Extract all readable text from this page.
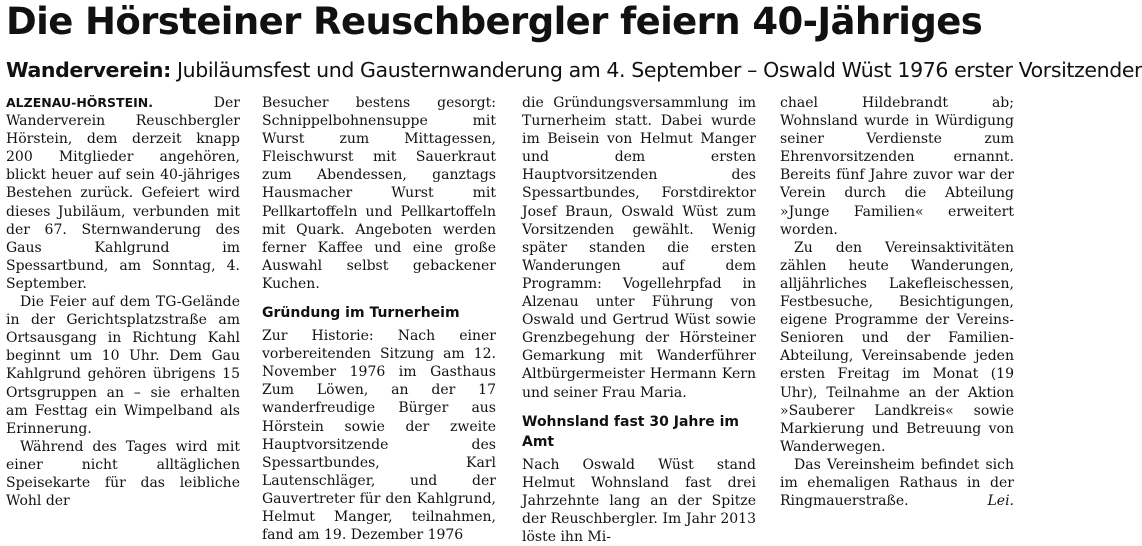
Die Hörsteiner Reuschbergler feiern 40-Jähriges
Wanderverein: Jubiläumsfest und Gausternwanderung am 4. September – Oswald Wüst 1976 erster Vorsitzender

ALZENAU-HÖRSTEIN. Der Wanderverein Reuschbergler Hörstein, dem derzeit knapp 200 Mitglieder angehören, blickt heuer auf sein 40-jähriges Bestehen zurück. Gefeiert wird dieses Jubiläum, verbunden mit der 67. Sternwanderung des Gaus Kahlgrund im Spessartbund, am Sonntag, 4. September.

Die Feier auf dem TG-Gelände in der Gerichtsplatzstraße am Ortsausgang in Richtung Kahl beginnt um 10 Uhr. Dem Gau Kahlgrund gehören übrigens 15 Ortsgruppen an – sie erhalten am Festtag ein Wimpelband als Erinnerung.

Während des Tages wird mit einer nicht alltäglichen Speisekarte für das leibliche Wohl der

Besucher bestens gesorgt: Schnippelbohnensuppe mit Wurst zum Mittagessen, Fleischwurst mit Sauerkraut zum Abendessen, ganztags Hausmacher Wurst mit Pellkartoffeln und Pellkartoffeln mit Quark. Angeboten werden ferner Kaffee und eine große Auswahl selbst gebackener Kuchen.

Gründung im Turnerheim

Zur Historie: Nach einer vorbereitenden Sitzung am 12. November 1976 im Gasthaus Zum Löwen, an der 17 wanderfreudige Bürger aus Hörstein sowie der zweite Hauptvorsitzende des Spessartbundes, Karl Lautenschläger, und der Gauvertreter für den Kahlgrund, Helmut Manger, teilnahmen, fand am 19. Dezember 1976

die Gründungsversammlung im Turnerheim statt. Dabei wurde im Beisein von Helmut Manger und dem ersten Hauptvorsitzenden des Spessartbundes, Forstdirektor Josef Braun, Oswald Wüst zum Vorsitzenden gewählt. Wenig später standen die ersten Wanderungen auf dem Programm: Vogellehrpfad in Alzenau unter Führung von Oswald und Gertrud Wüst sowie Grenzbegehung der Hörsteiner Gemarkung mit Wanderführer Altbürgermeister Hermann Kern und seiner Frau Maria.

Wohnsland fast 30 Jahre im Amt

Nach Oswald Wüst stand Helmut Wohnsland fast drei Jahrzehnte lang an der Spitze der Reuschbergler. Im Jahr 2013 löste ihn Mi-

chael Hildebrandt ab; Wohnsland wurde in Würdigung seiner Verdienste zum Ehrenvorsitzenden ernannt. Bereits fünf Jahre zuvor war der Verein durch die Abteilung »Junge Familien« erweitert worden.

Zu den Vereinsaktivitäten zählen heute Wanderungen, alljährliches Lakefleischessen, Festbesuche, Besichtigungen, eigene Programme der Vereins-Senioren und der Familien-Abteilung, Vereinsabende jeden ersten Freitag im Monat (19 Uhr), Teilnahme an der Aktion »Sauberer Landkreis« sowie Markierung und Betreuung von Wanderwegen.

Das Vereinsheim befindet sich im ehemaligen Rathaus in der Ringmauerstraße.	Lei.
